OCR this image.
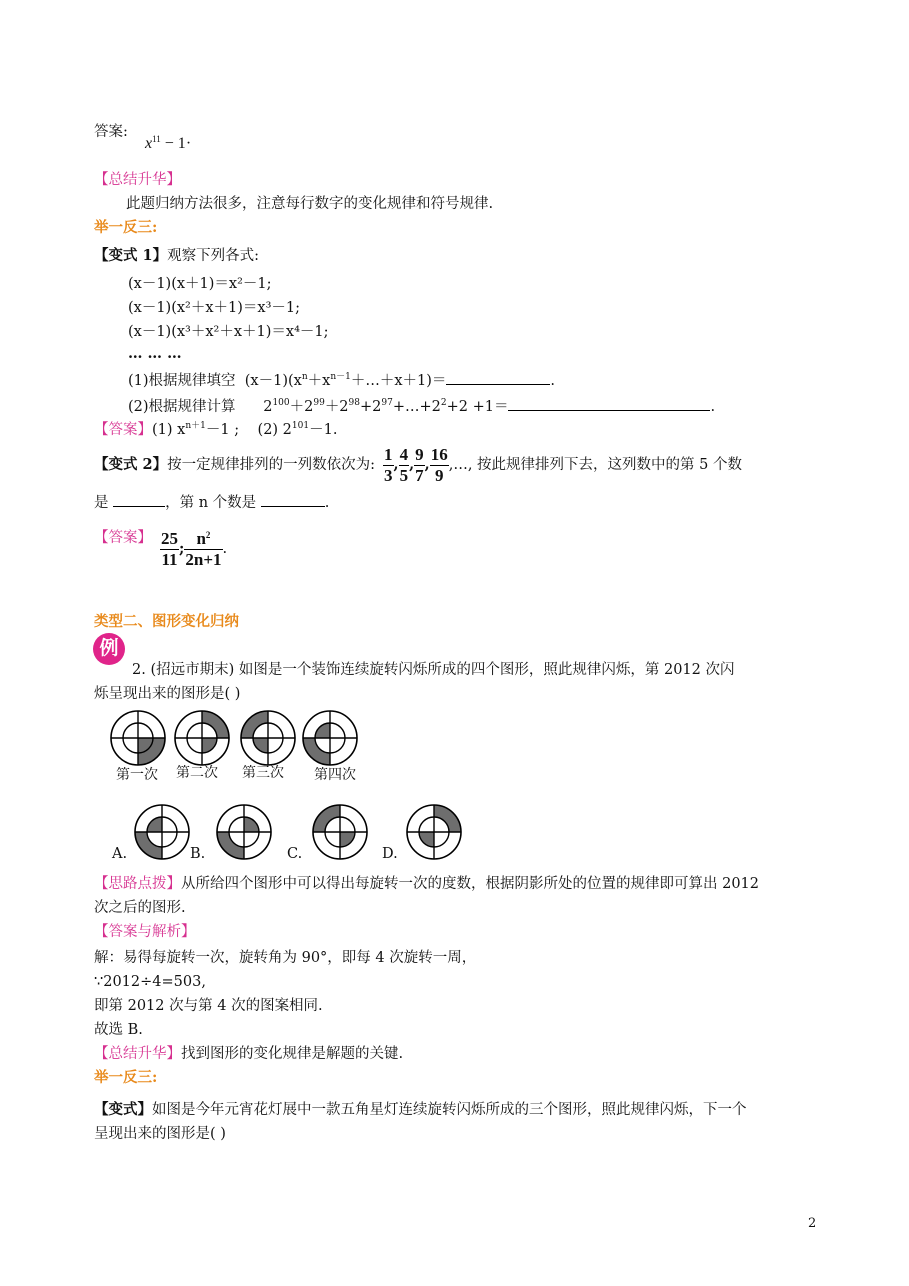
答案:
$x^{11} - 1\cdot$
【总结升华】
此题归纳方法很多，注意每行数字的变化规律和符号规律.
举一反三:
【变式 1】观察下列各式:
(x－1)(x＋1)＝x²－1;
(x－1)(x²＋x＋1)＝x³－1;
(x－1)(x³＋x²＋x＋1)＝x⁴－1;
… … …
(1)根据规律填空 $(x-1)(x^n+x^{n-1}+\dots+x+1)=$	.
(2)根据规律计算 $2^{100}+2^{99}+2^{98}+2^{97}+\dots+2^2+2 +1=$	.
【答案】(1) $x^{n+1}-1$ ; (2) $2^{101}-1$.
【变式 2】 按一定规律排列的一列数依次为: $\frac{1}{3}$ , $\frac{4}{5}$ , $\frac{9}{7}$ , $\frac{16}{9}$ ,…, 按此规律排列下去，这列数中的第 5 个数
是	，第 n 个数是	.
【答案】 $\frac{25}{11}$ ; $\frac{n^2}{2n+1}$ .
类型二、图形变化归纳
例
2. (招远市期末) 如图是一个装饰连续旋转闪烁所成的四个图形，照此规律闪烁，第 2012 次闪
烁呈现出来的图形是( )
第一次 第二次 第三次 第四次
A.	B.	C.	D.
【思路点拨】从所给四个图形中可以得出每旋转一次的度数，根据阴影所处的位置的规律即可算出 2012
次之后的图形.
【答案与解析】
解：易得每旋转一次，旋转角为 90°，即每 4 次旋转一周，
∵2012÷4=503,
即第 2012 次与第 4 次的图案相同.
故选 B.
【总结升华】找到图形的变化规律是解题的关键.
举一反三:
【变式】如图是今年元宵花灯展中一款五角星灯连续旋转闪烁所成的三个图形，照此规律闪烁，下一个
呈现出来的图形是( )
2
